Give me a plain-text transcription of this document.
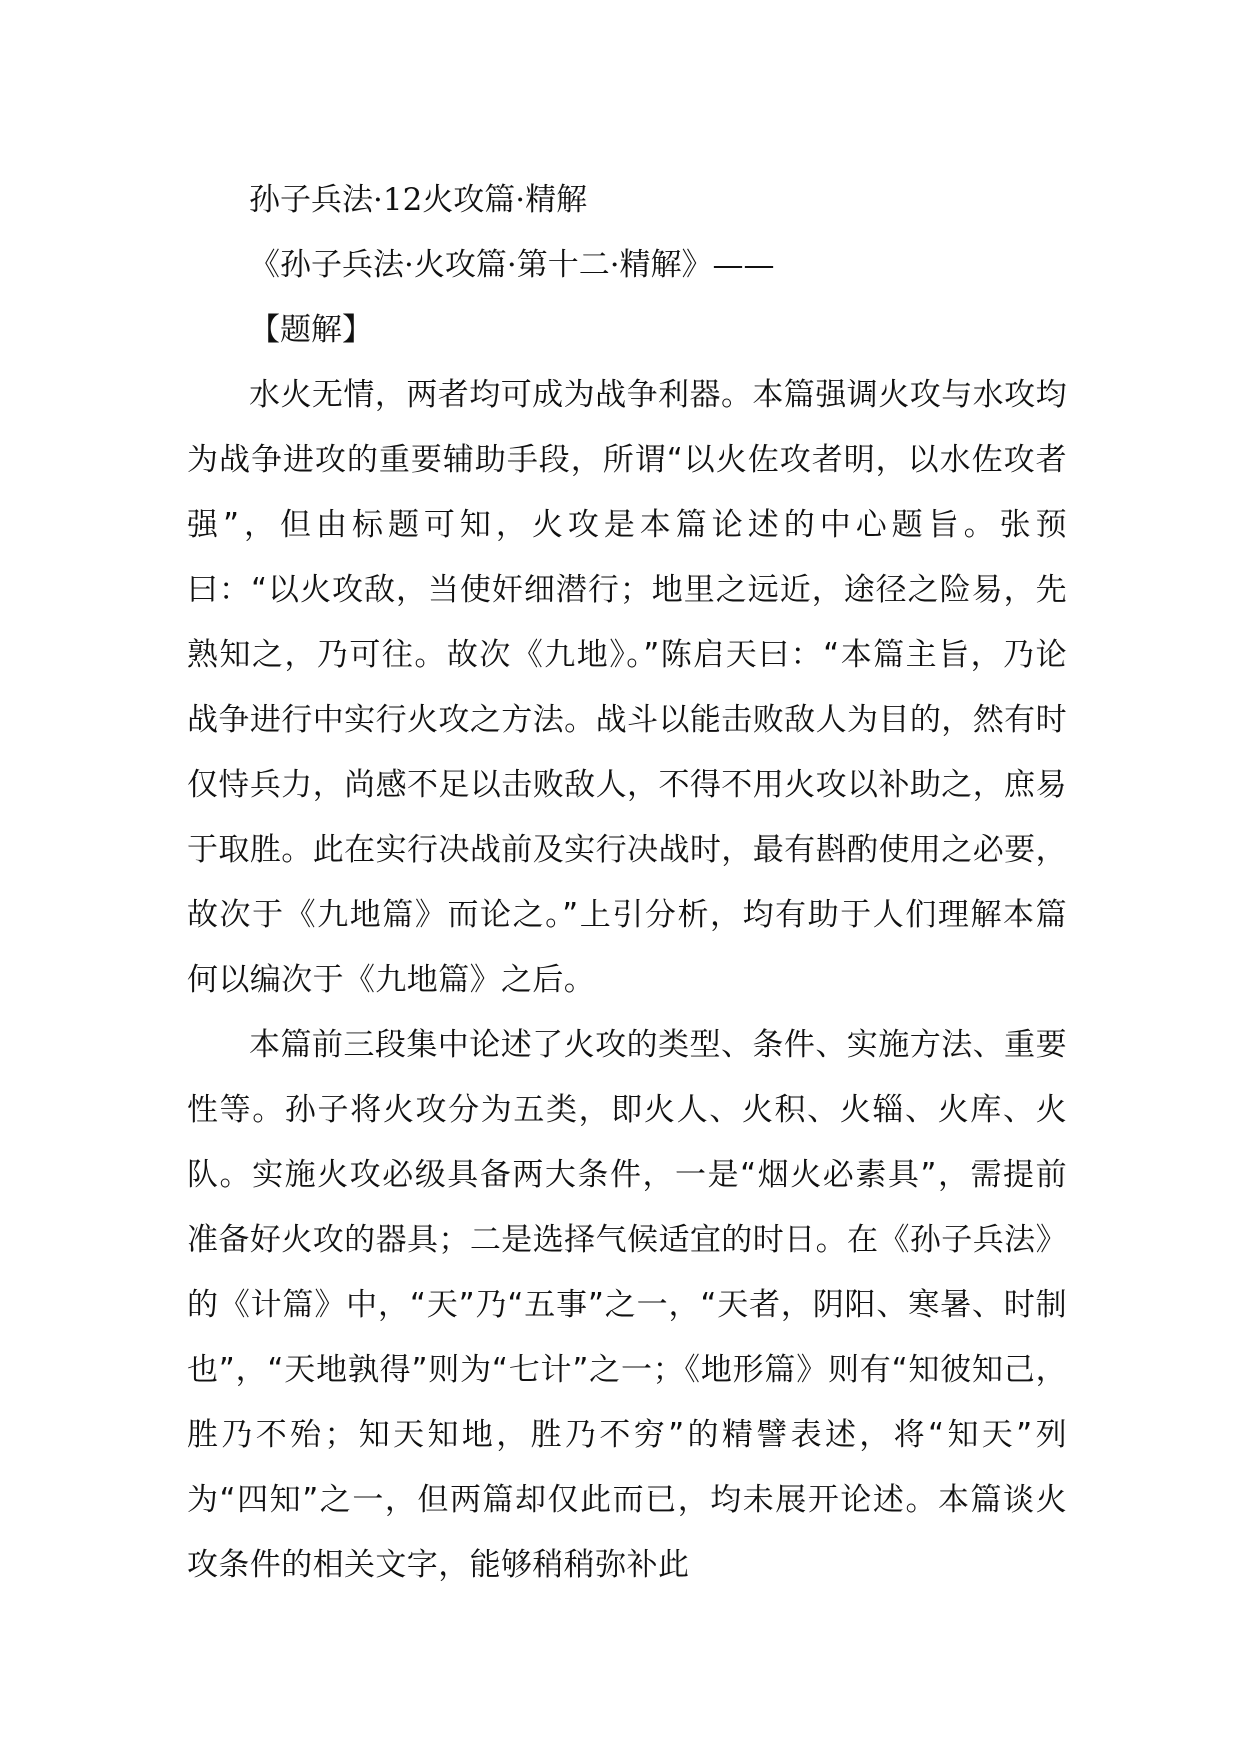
孙子兵法·12火攻篇·精解

《孙子兵法·火攻篇·第十二·精解》——

【题解】

水火无情，两者均可成为战争利器。本篇强调火攻与水攻均为战争进攻的重要辅助手段，所谓“以火佐攻者明，以水佐攻者强”，但由标题可知，火攻是本篇论述的中心题旨。张预曰：“以火攻敌，当使奸细潜行；地里之远近，途径之险易，先熟知之，乃可往。故次《九地》。”陈启天曰：“本篇主旨，乃论战争进行中实行火攻之方法。战斗以能击败敌人为目的，然有时仅恃兵力，尚感不足以击败敌人，不得不用火攻以补助之，庶易于取胜。此在实行决战前及实行决战时，最有斟酌使用之必要，故次于《九地篇》而论之。”上引分析，均有助于人们理解本篇何以编次于《九地篇》之后。

本篇前三段集中论述了火攻的类型、条件、实施方法、重要性等。孙子将火攻分为五类，即火人、火积、火辎、火库、火队。实施火攻必级具备两大条件，一是“烟火必素具”，需提前准备好火攻的器具；二是选择气候适宜的时日。在《孙子兵法》的《计篇》中，“天”乃“五事”之一，“天者，阴阳、寒暑、时制也”，“天地孰得”则为“七计”之一；《地形篇》则有“知彼知己，胜乃不殆；知天知地，胜乃不穷”的精譬表述，将“知天”列为“四知”之一，但两篇却仅此而已，均未展开论述。本篇谈火攻条件的相关文字，能够稍稍弥补此
